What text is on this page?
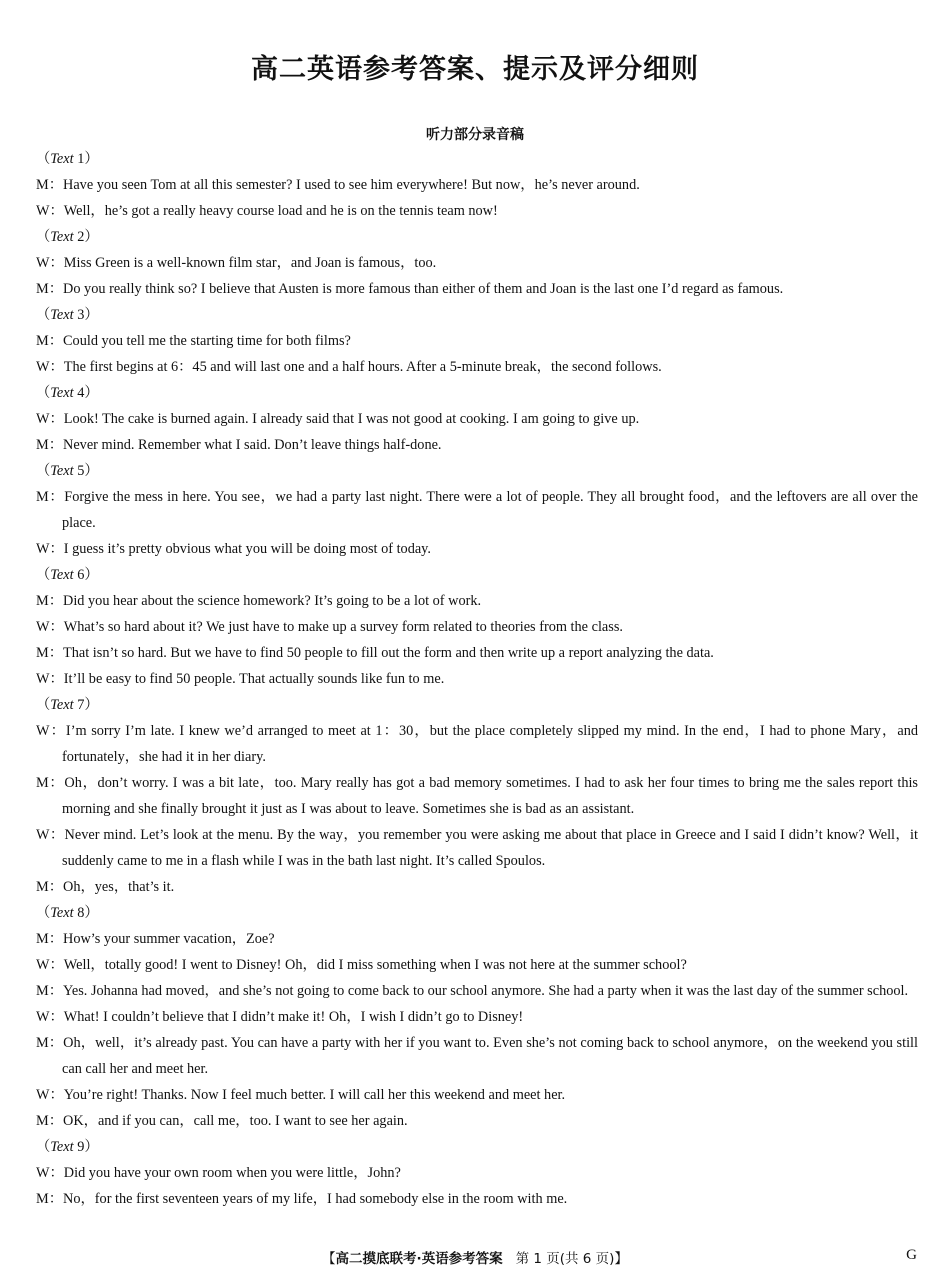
高二英语参考答案、提示及评分细则
听力部分录音稿
（Text 1）
M：Have you seen Tom at all this semester? I used to see him everywhere! But now，he’s never around.
W：Well，he’s got a really heavy course load and he is on the tennis team now!
（Text 2）
W：Miss Green is a well-known film star，and Joan is famous，too.
M：Do you really think so? I believe that Austen is more famous than either of them and Joan is the last one I’d regard as famous.
（Text 3）
M：Could you tell me the starting time for both films?
W：The first begins at 6：45 and will last one and a half hours. After a 5-minute break，the second follows.
（Text 4）
W：Look! The cake is burned again. I already said that I was not good at cooking. I am going to give up.
M：Never mind. Remember what I said. Don’t leave things half-done.
（Text 5）
M：Forgive the mess in here. You see，we had a party last night. There were a lot of people. They all brought food，and the leftovers are all over the place.
W：I guess it’s pretty obvious what you will be doing most of today.
（Text 6）
M：Did you hear about the science homework? It’s going to be a lot of work.
W：What’s so hard about it? We just have to make up a survey form related to theories from the class.
M：That isn’t so hard. But we have to find 50 people to fill out the form and then write up a report analyzing the data.
W：It’ll be easy to find 50 people. That actually sounds like fun to me.
（Text 7）
W：I’m sorry I’m late. I knew we’d arranged to meet at 1：30，but the place completely slipped my mind. In the end，I had to phone Mary，and fortunately，she had it in her diary.
M：Oh，don’t worry. I was a bit late，too. Mary really has got a bad memory sometimes. I had to ask her four times to bring me the sales report this morning and she finally brought it just as I was about to leave. Sometimes she is bad as an assistant.
W：Never mind. Let’s look at the menu. By the way，you remember you were asking me about that place in Greece and I said I didn’t know? Well，it suddenly came to me in a flash while I was in the bath last night. It’s called Spoulos.
M：Oh，yes，that’s it.
（Text 8）
M：How’s your summer vacation，Zoe?
W：Well，totally good! I went to Disney! Oh，did I miss something when I was not here at the summer school?
M：Yes. Johanna had moved，and she’s not going to come back to our school anymore. She had a party when it was the last day of the summer school.
W：What! I couldn’t believe that I didn’t make it! Oh，I wish I didn’t go to Disney!
M：Oh，well，it’s already past. You can have a party with her if you want to. Even she’s not coming back to school anymore，on the weekend you still can call her and meet her.
W：You’re right! Thanks. Now I feel much better. I will call her this weekend and meet her.
M：OK，and if you can，call me，too. I want to see her again.
（Text 9）
W：Did you have your own room when you were little，John?
M：No，for the first seventeen years of my life，I had somebody else in the room with me.
【高二摸底联考·英语参考答案 第 1 页(共 6 页)】	G
